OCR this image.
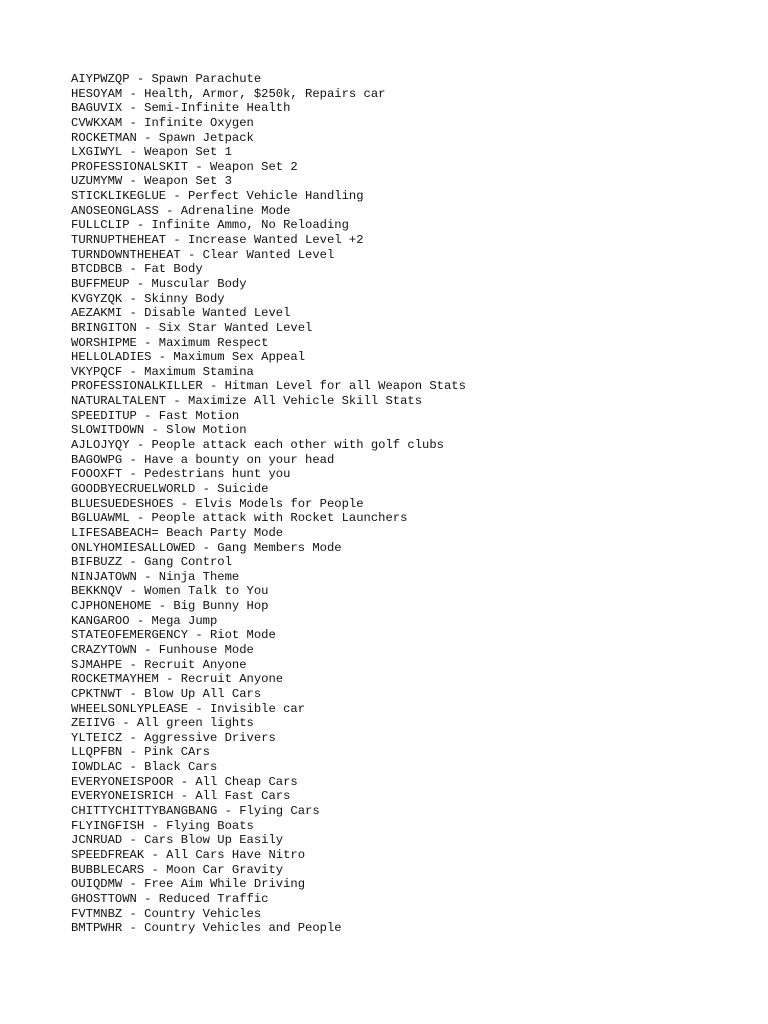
AIYPWZQP - Spawn Parachute
HESOYAM - Health, Armor, $250k, Repairs car
BAGUVIX - Semi-Infinite Health
CVWKXAM - Infinite Oxygen
ROCKETMAN - Spawn Jetpack
LXGIWYL - Weapon Set 1
PROFESSIONALSKIT - Weapon Set 2
UZUMYMW - Weapon Set 3
STICKLIKEGLUE - Perfect Vehicle Handling
ANOSEONGLASS - Adrenaline Mode
FULLCLIP - Infinite Ammo, No Reloading
TURNUPTHEHEAT - Increase Wanted Level +2
TURNDOWNTHEHEAT - Clear Wanted Level
BTCDBCB - Fat Body
BUFFMEUP - Muscular Body
KVGYZQK - Skinny Body
AEZAKMI - Disable Wanted Level
BRINGITON - Six Star Wanted Level
WORSHIPME - Maximum Respect
HELLOLADIES - Maximum Sex Appeal
VKYPQCF - Maximum Stamina
PROFESSIONALKILLER - Hitman Level for all Weapon Stats
NATURALTALENT - Maximize All Vehicle Skill Stats
SPEEDITUP - Fast Motion
SLOWITDOWN - Slow Motion
AJLOJYQY - People attack each other with golf clubs
BAGOWPG - Have a bounty on your head
FOOOXFT - Pedestrians hunt you
GOODBYECRUELWORLD - Suicide
BLUESUEDESHOES - Elvis Models for People
BGLUAWML - People attack with Rocket Launchers
LIFESABEACH= Beach Party Mode
ONLYHOMIESALLOWED - Gang Members Mode
BIFBUZZ - Gang Control
NINJATOWN - Ninja Theme
BEKKNQV - Women Talk to You
CJPHONEHOME - Big Bunny Hop
KANGAROO - Mega Jump
STATEOFEMERGENCY - Riot Mode
CRAZYTOWN - Funhouse Mode
SJMAHPE - Recruit Anyone
ROCKETMAYHEM - Recruit Anyone
CPKTNWT - Blow Up All Cars
WHEELSONLYPLEASE - Invisible car
ZEIIVG - All green lights
YLTEICZ - Aggressive Drivers
LLQPFBN - Pink CArs
IOWDLAC - Black Cars
EVERYONEISPOOR - All Cheap Cars
EVERYONEISRICH - All Fast Cars
CHITTYCHITTYBANGBANG - Flying Cars
FLYINGFISH - Flying Boats
JCNRUAD - Cars Blow Up Easily
SPEEDFREAK - All Cars Have Nitro
BUBBLECARS - Moon Car Gravity
OUIQDMW - Free Aim While Driving
GHOSTTOWN - Reduced Traffic
FVTMNBZ - Country Vehicles
BMTPWHR - Country Vehicles and People
